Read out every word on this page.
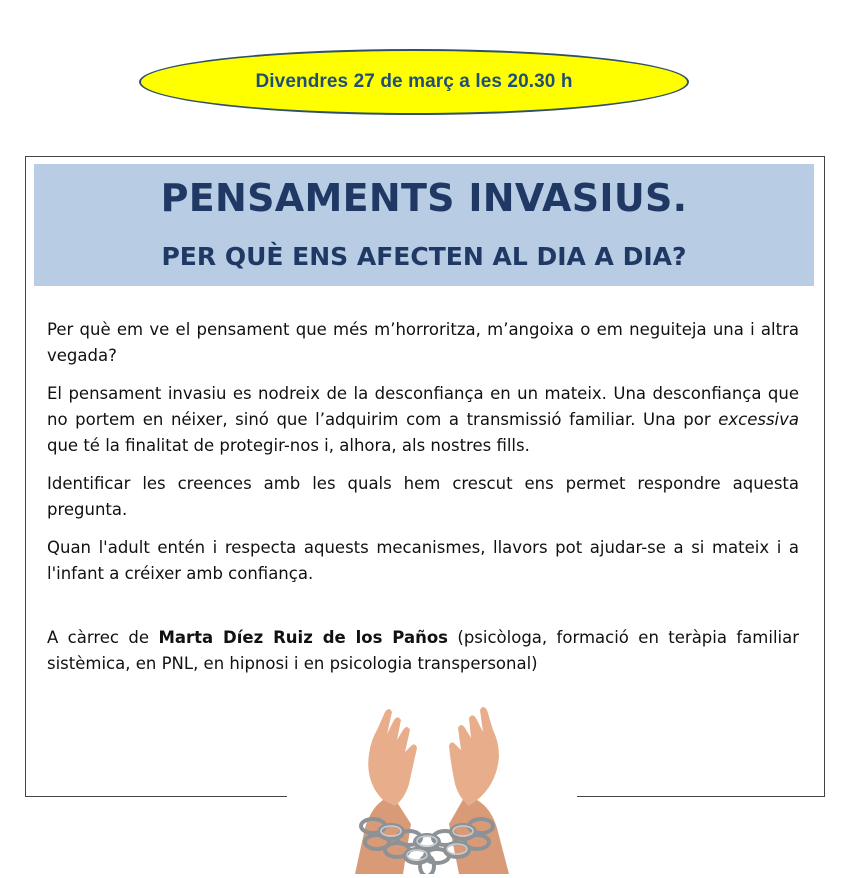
Divendres 27 de març a les 20.30 h
PENSAMENTS INVASIUS.
PER QUÈ ENS AFECTEN AL DIA A DIA?

Per què em ve el pensament que més m’horroritza, m’angoixa o em neguiteja una i altra vegada?

El pensament invasiu es nodreix de la desconfiança en un mateix. Una desconfiança que no portem en néixer, sinó que l’adquirim com a transmissió familiar. Una por excessiva que té la finalitat de protegir-nos i, alhora, als nostres fills.

Identificar les creences amb les quals hem crescut ens permet respondre aquesta pregunta.

Quan l'adult entén i respecta aquests mecanismes, llavors pot ajudar-se a si mateix i a l'infant a créixer amb confiança.

A càrrec de Marta Díez Ruiz de los Paños (psicòloga, formació en teràpia familiar sistèmica, en PNL, en hipnosi i en psicologia transpersonal)
